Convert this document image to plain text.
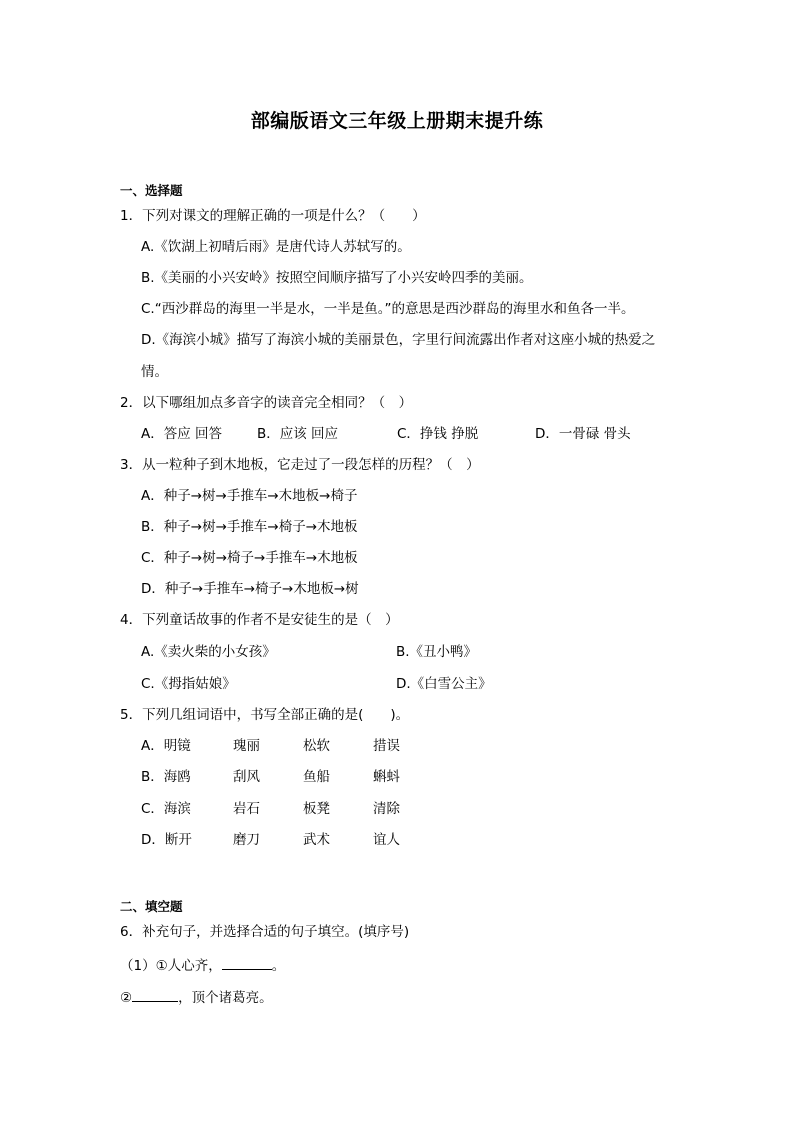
部编版语文三年级上册期末提升练
一、选择题
1．下列对课文的理解正确的一项是什么？（　　）
A.《饮湖上初晴后雨》是唐代诗人苏轼写的。
B.《美丽的小兴安岭》按照空间顺序描写了小兴安岭四季的美丽。
C.“西沙群岛的海里一半是水，一半是鱼。”的意思是西沙群岛的海里水和鱼各一半。
D.《海滨小城》描写了海滨小城的美丽景色，字里行间流露出作者对这座小城的热爱之
情。
2．以下哪组加点多音字的读音完全相同？（　）
A．答应 回答	B．应该 回应	C．挣钱 挣脱	D．一骨碌 骨头
3．从一粒种子到木地板，它走过了一段怎样的历程？（　）
A．种子→树→手推车→木地板→椅子
B．种子→树→手推车→椅子→木地板
C．种子→树→椅子→手推车→木地板
D．种子→手推车→椅子→木地板→树
4．下列童话故事的作者不是安徒生的是（　）
A.《卖火柴的小女孩》	B.《丑小鸭》
C.《拇指姑娘》	D.《白雪公主》
5．下列几组词语中，书写全部正确的是(　　)。
A．明镜	瑰丽	松软	措误
B．海鸥	刮风	鱼船	蝌蚪
C．海滨	岩石	板凳	清除
D．断开	磨刀	武术	谊人
二、填空题
6．补充句子，并选择合适的句子填空。(填序号)
（1）①人心齐，	。
②	，顶个诸葛亮。
